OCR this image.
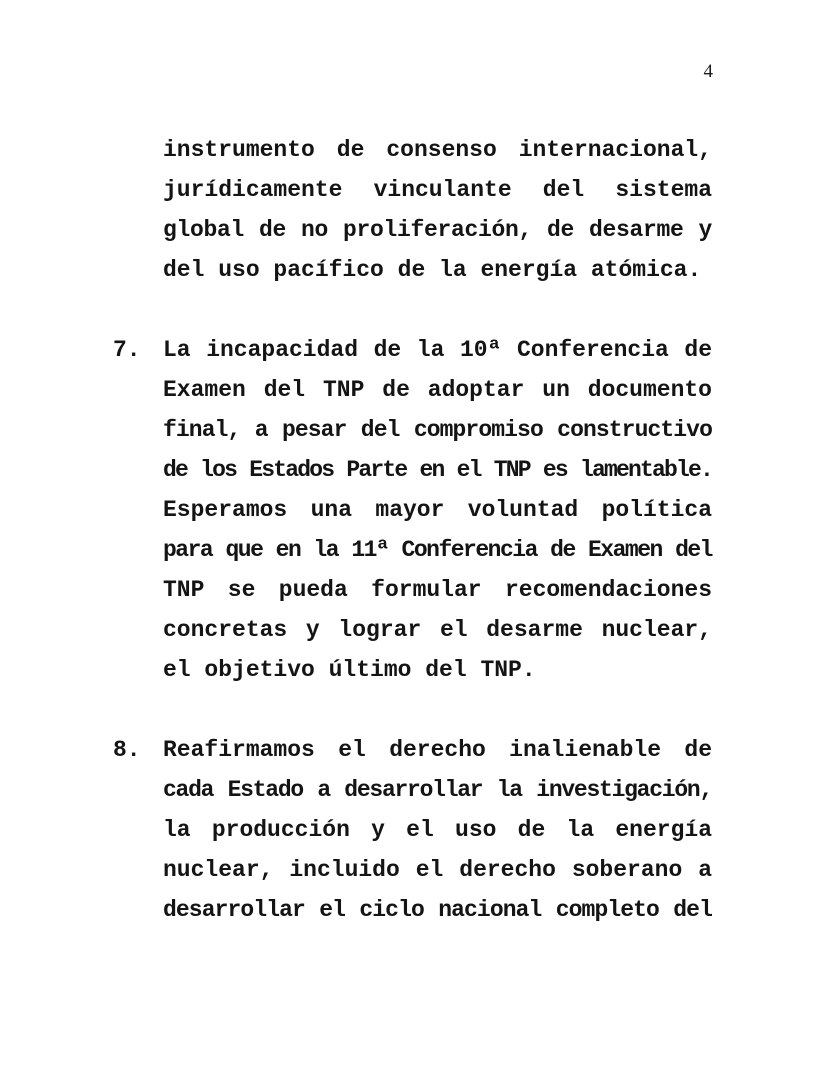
4
instrumento de consenso internacional,
jurídicamente vinculante del sistema
global de no proliferación, de desarme y
del uso pacífico de la energía atómica.
7. La incapacidad de la 10ª Conferencia de
Examen del TNP de adoptar un documento
final, a pesar del compromiso constructivo
de los Estados Parte en el TNP es lamentable.
Esperamos una mayor voluntad política
para que en la 11ª Conferencia de Examen del
TNP se pueda formular recomendaciones
concretas y lograr el desarme nuclear,
el objetivo último del TNP.
8. Reafirmamos el derecho inalienable de
cada Estado a desarrollar la investigación,
la producción y el uso de la energía
nuclear, incluido el derecho soberano a
desarrollar el ciclo nacional completo del
